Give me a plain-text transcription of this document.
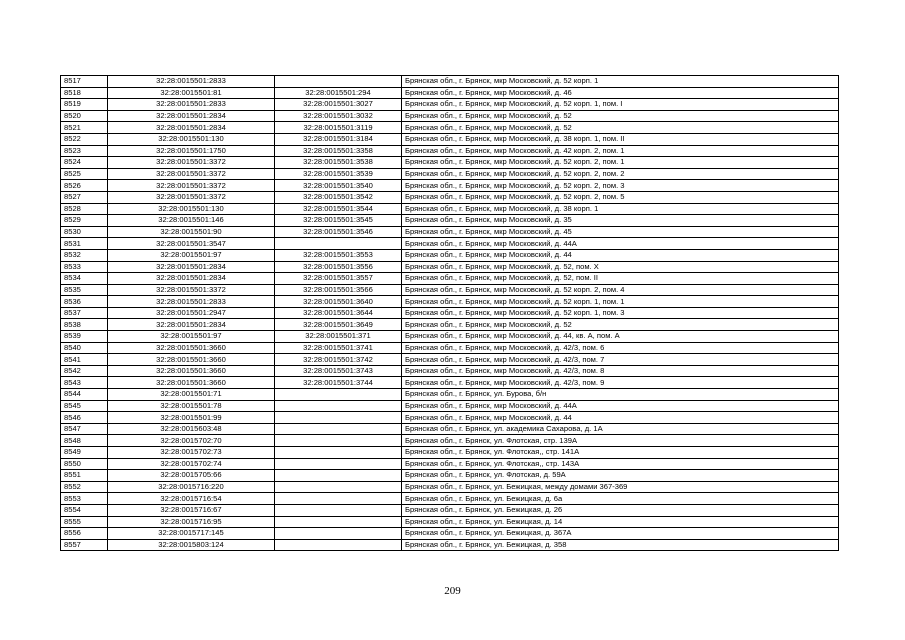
8517	32:28:0015501:2833		Брянская обл., г. Брянск, мкр Московский, д. 52 корп. 1
8518	32:28:0015501:81	32:28:0015501:294	Брянская обл., г. Брянск, мкр Московский, д. 46
8519	32:28:0015501:2833	32:28:0015501:3027	Брянская обл., г. Брянск, мкр Московский, д. 52 корп. 1, пом. I
8520	32:28:0015501:2834	32:28:0015501:3032	Брянская обл., г. Брянск, мкр Московский, д. 52
8521	32:28:0015501:2834	32:28:0015501:3119	Брянская обл., г. Брянск, мкр Московский, д. 52
8522	32:28:0015501:130	32:28:0015501:3184	Брянская обл., г. Брянск, мкр Московский, д. 38 корп. 1, пом. II
8523	32:28:0015501:1750	32:28:0015501:3358	Брянская обл., г. Брянск, мкр Московский, д. 42 корп. 2, пом. 1
8524	32:28:0015501:3372	32:28:0015501:3538	Брянская обл., г. Брянск, мкр Московский, д. 52 корп. 2, пом. 1
8525	32:28:0015501:3372	32:28:0015501:3539	Брянская обл., г. Брянск, мкр Московский, д. 52 корп. 2, пом. 2
8526	32:28:0015501:3372	32:28:0015501:3540	Брянская обл., г. Брянск, мкр Московский, д. 52 корп. 2, пом. 3
8527	32:28:0015501:3372	32:28:0015501:3542	Брянская обл., г. Брянск, мкр Московский, д. 52 корп. 2, пом. 5
8528	32:28:0015501:130	32:28:0015501:3544	Брянская обл., г. Брянск, мкр Московский, д. 38 корп. 1
8529	32:28:0015501:146	32:28:0015501:3545	Брянская обл., г. Брянск, мкр Московский, д. 35
8530	32:28:0015501:90	32:28:0015501:3546	Брянская обл., г. Брянск, мкр Московский, д. 45
8531	32:28:0015501:3547		Брянская обл., г. Брянск, мкр Московский, д. 44А
8532	32:28:0015501:97	32:28:0015501:3553	Брянская обл., г. Брянск, мкр Московский, д. 44
8533	32:28:0015501:2834	32:28:0015501:3556	Брянская обл., г. Брянск, мкр Московский, д. 52, пом. X
8534	32:28:0015501:2834	32:28:0015501:3557	Брянская обл., г. Брянск, мкр Московский, д. 52, пом. II
8535	32:28:0015501:3372	32:28:0015501:3566	Брянская обл., г. Брянск, мкр Московский, д. 52 корп. 2, пом. 4
8536	32:28:0015501:2833	32:28:0015501:3640	Брянская обл., г. Брянск, мкр Московский, д. 52 корп. 1, пом. 1
8537	32:28:0015501:2947	32:28:0015501:3644	Брянская обл., г. Брянск, мкр Московский, д. 52 корп. 1, пом. 3
8538	32:28:0015501:2834	32:28:0015501:3649	Брянская обл., г. Брянск, мкр Московский, д. 52
8539	32:28:0015501:97	32:28:0015501:371	Брянская обл., г. Брянск, мкр Московский, д. 44, кв. А, пом. А
8540	32:28:0015501:3660	32:28:0015501:3741	Брянская обл., г. Брянск, мкр Московский, д. 42/3, пом. 6
8541	32:28:0015501:3660	32:28:0015501:3742	Брянская обл., г. Брянск, мкр Московский, д. 42/3, пом. 7
8542	32:28:0015501:3660	32:28:0015501:3743	Брянская обл., г. Брянск, мкр Московский, д. 42/3, пом. 8
8543	32:28:0015501:3660	32:28:0015501:3744	Брянская обл., г. Брянск, мкр Московский, д. 42/3, пом. 9
8544	32:28:0015501:71		Брянская обл., г. Брянск, ул. Бурова, б/н
8545	32:28:0015501:78		Брянская обл., г. Брянск, мкр Московский, д. 44А
8546	32:28:0015501:99		Брянская обл., г. Брянск, мкр Московский, д. 44
8547	32:28:0015603:48		Брянская обл., г. Брянск, ул. академика Сахарова, д. 1А
8548	32:28:0015702:70		Брянская обл., г. Брянск, ул. Флотская, стр. 139А
8549	32:28:0015702:73		Брянская обл., г. Брянск, ул. Флотская,, стр. 141А
8550	32:28:0015702:74		Брянская обл., г. Брянск, ул. Флотская,, стр. 143А
8551	32:28:0015705:66		Брянская обл., г. Брянск, ул. Флотская, д. 59А
8552	32:28:0015716:220		Брянская обл., г. Брянск, ул. Бежицкая, между домами 367-369
8553	32:28:0015716:54		Брянская обл., г. Брянск, ул. Бежицкая, д. 6а
8554	32:28:0015716:67		Брянская обл., г. Брянск, ул. Бежицкая, д. 26
8555	32:28:0015716:95		Брянская обл., г. Брянск, ул. Бежицкая, д. 14
8556	32:28:0015717:145		Брянская обл., г. Брянск, ул. Бежицкая, д. 367А
8557	32:28:0015803:124		Брянская обл., г. Брянск, ул. Бежицкая, д. 358
209
